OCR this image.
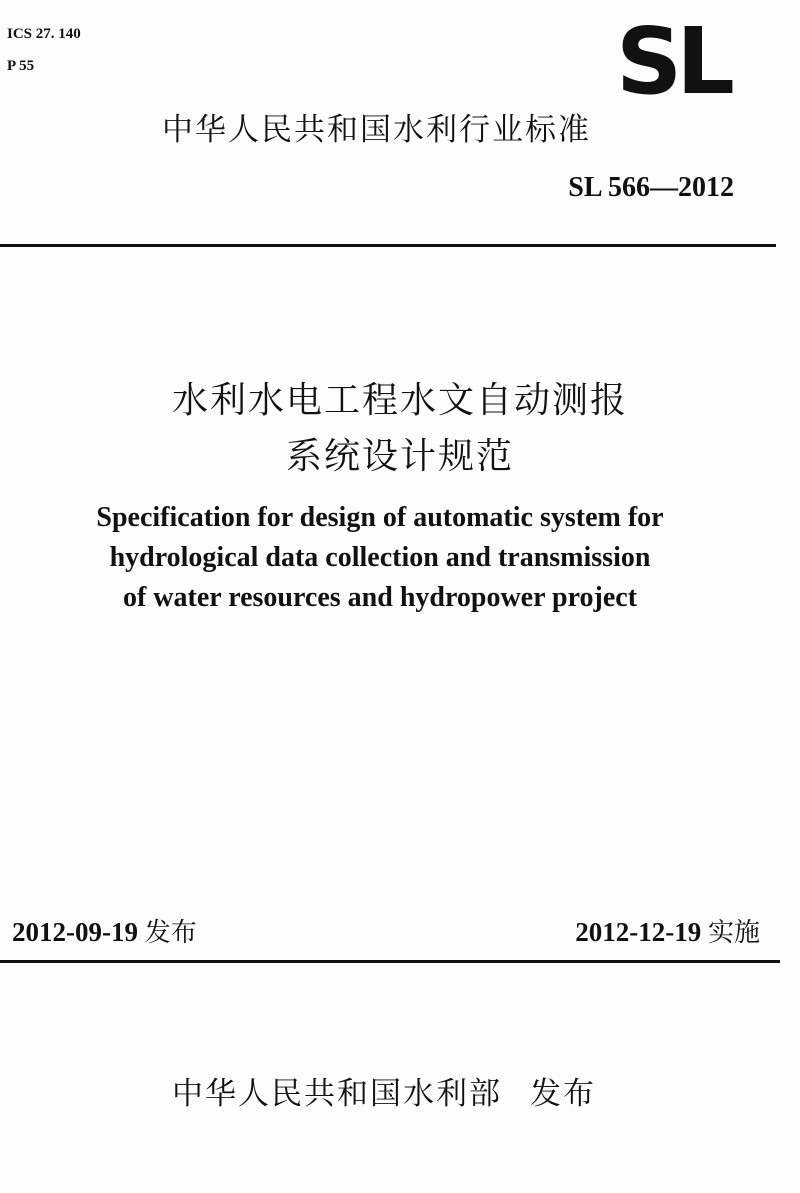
ICS 27. 140
P 55	SL
中华人民共和国水利行业标准
SL 566—2012
水利水电工程水文自动测报
系统设计规范
Specification for design of automatic system for
hydrological data collection and transmission
of water resources and hydropower project
2012-09-19 发布	2012-12-19 实施
中华人民共和国水利部 发布
